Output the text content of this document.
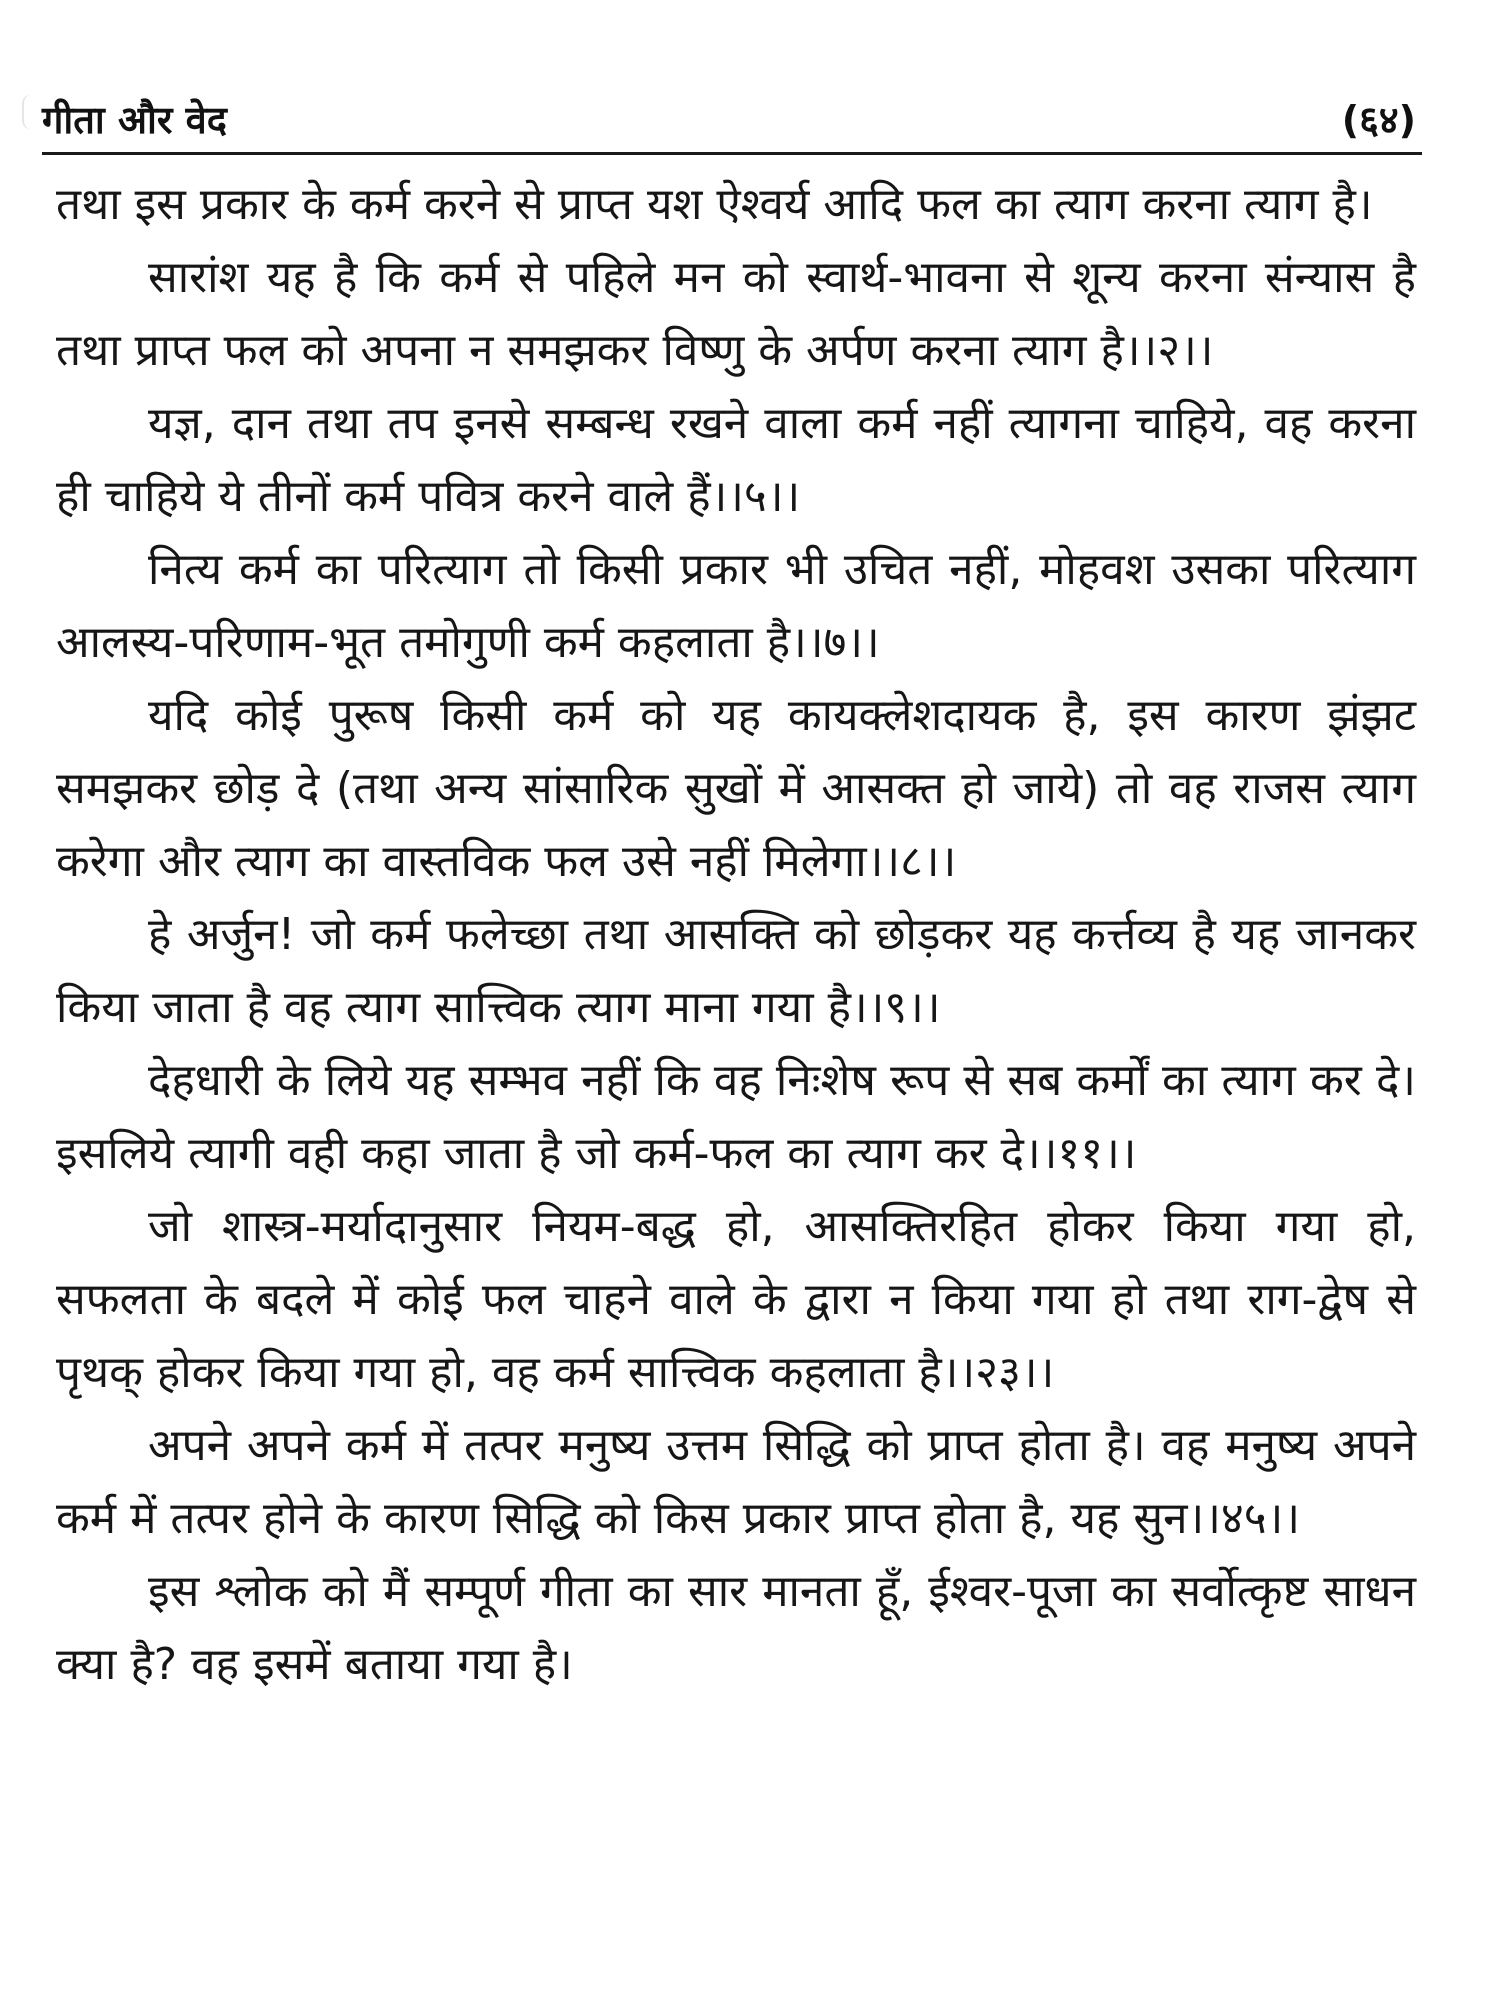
गीता और वेद	(६४)

तथा इस प्रकार के कर्म करने से प्राप्त यश ऐश्वर्य आदि फल का त्याग करना त्याग है।

सारांश यह है कि कर्म से पहिले मन को स्वार्थ-भावना से शून्य करना संन्यास है तथा प्राप्त फल को अपना न समझकर विष्णु के अर्पण करना त्याग है।।२।।

यज्ञ, दान तथा तप इनसे सम्बन्ध रखने वाला कर्म नहीं त्यागना चाहिये, वह करना ही चाहिये ये तीनों कर्म पवित्र करने वाले हैं।।५।।

नित्य कर्म का परित्याग तो किसी प्रकार भी उचित नहीं, मोहवश उसका परित्याग आलस्य-परिणाम-भूत तमोगुणी कर्म कहलाता है।।७।।

यदि कोई पुरूष किसी कर्म को यह कायक्लेशदायक है, इस कारण झंझट समझकर छोड़ दे (तथा अन्य सांसारिक सुखों में आसक्त हो जाये) तो वह राजस त्याग करेगा और त्याग का वास्तविक फल उसे नहीं मिलेगा।।८।।

हे अर्जुन! जो कर्म फलेच्छा तथा आसक्ति को छोड़कर यह कर्त्तव्य है यह जानकर किया जाता है वह त्याग सात्त्विक त्याग माना गया है।।९।।

देहधारी के लिये यह सम्भव नहीं कि वह निःशेष रूप से सब कर्मों का त्याग कर दे। इसलिये त्यागी वही कहा जाता है जो कर्म-फल का त्याग कर दे।।११।।

जो शास्त्र-मर्यादानुसार नियम-बद्ध हो, आसक्तिरहित होकर किया गया हो, सफलता के बदले में कोई फल चाहने वाले के द्वारा न किया गया हो तथा राग-द्वेष से पृथक् होकर किया गया हो, वह कर्म सात्त्विक कहलाता है।।२३।।

अपने अपने कर्म में तत्पर मनुष्य उत्तम सिद्धि को प्राप्त होता है। वह मनुष्य अपने कर्म में तत्पर होने के कारण सिद्धि को किस प्रकार प्राप्त होता है, यह सुन।।४५।।

इस श्लोक को मैं सम्पूर्ण गीता का सार मानता हूँ, ईश्वर-पूजा का सर्वोत्कृष्ट साधन क्या है? वह इसमें बताया गया है।
